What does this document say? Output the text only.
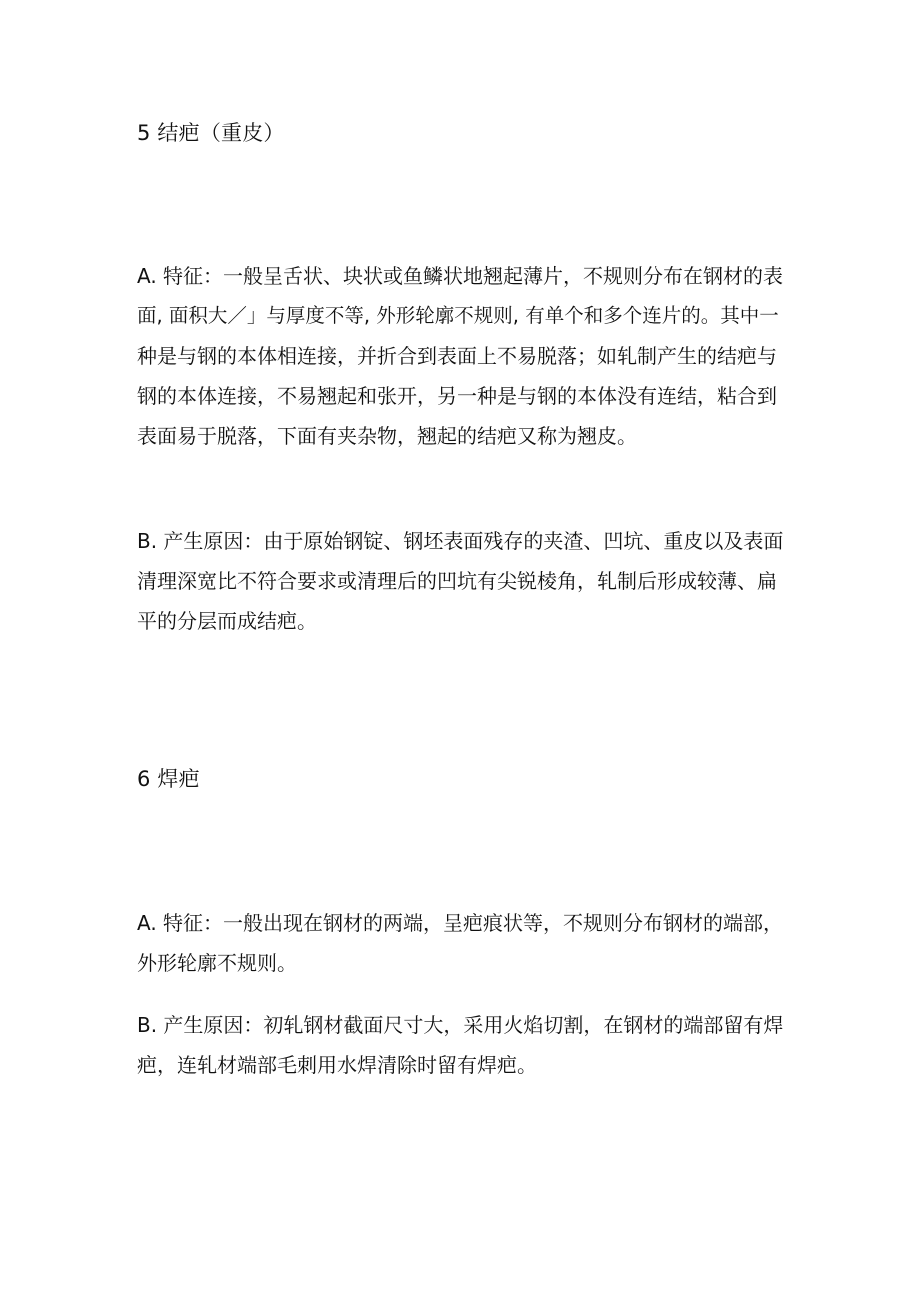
5 结疤（重皮）
A. 特征：一般呈舌状、块状或鱼鳞状地翘起薄片，不规则分布在钢材的表
面, 面积大／」与厚度不等, 外形轮廓不规则, 有单个和多个连片的。其中一
种是与钢的本体相连接，并折合到表面上不易脱落；如轧制产生的结疤与
钢的本体连接，不易翘起和张开，另一种是与钢的本体没有连结，粘合到
表面易于脱落，下面有夹杂物，翘起的结疤又称为翘皮。
B. 产生原因：由于原始钢锭、钢坯表面残存的夹渣、凹坑、重皮以及表面
清理深宽比不符合要求或清理后的凹坑有尖锐棱角，轧制后形成较薄、扁
平的分层而成结疤。
6 焊疤
A. 特征：一般出现在钢材的两端，呈疤痕状等，不规则分布钢材的端部，
外形轮廓不规则。
B. 产生原因：初轧钢材截面尺寸大，采用火焰切割，在钢材的端部留有焊
疤，连轧材端部毛刺用水焊清除时留有焊疤。
